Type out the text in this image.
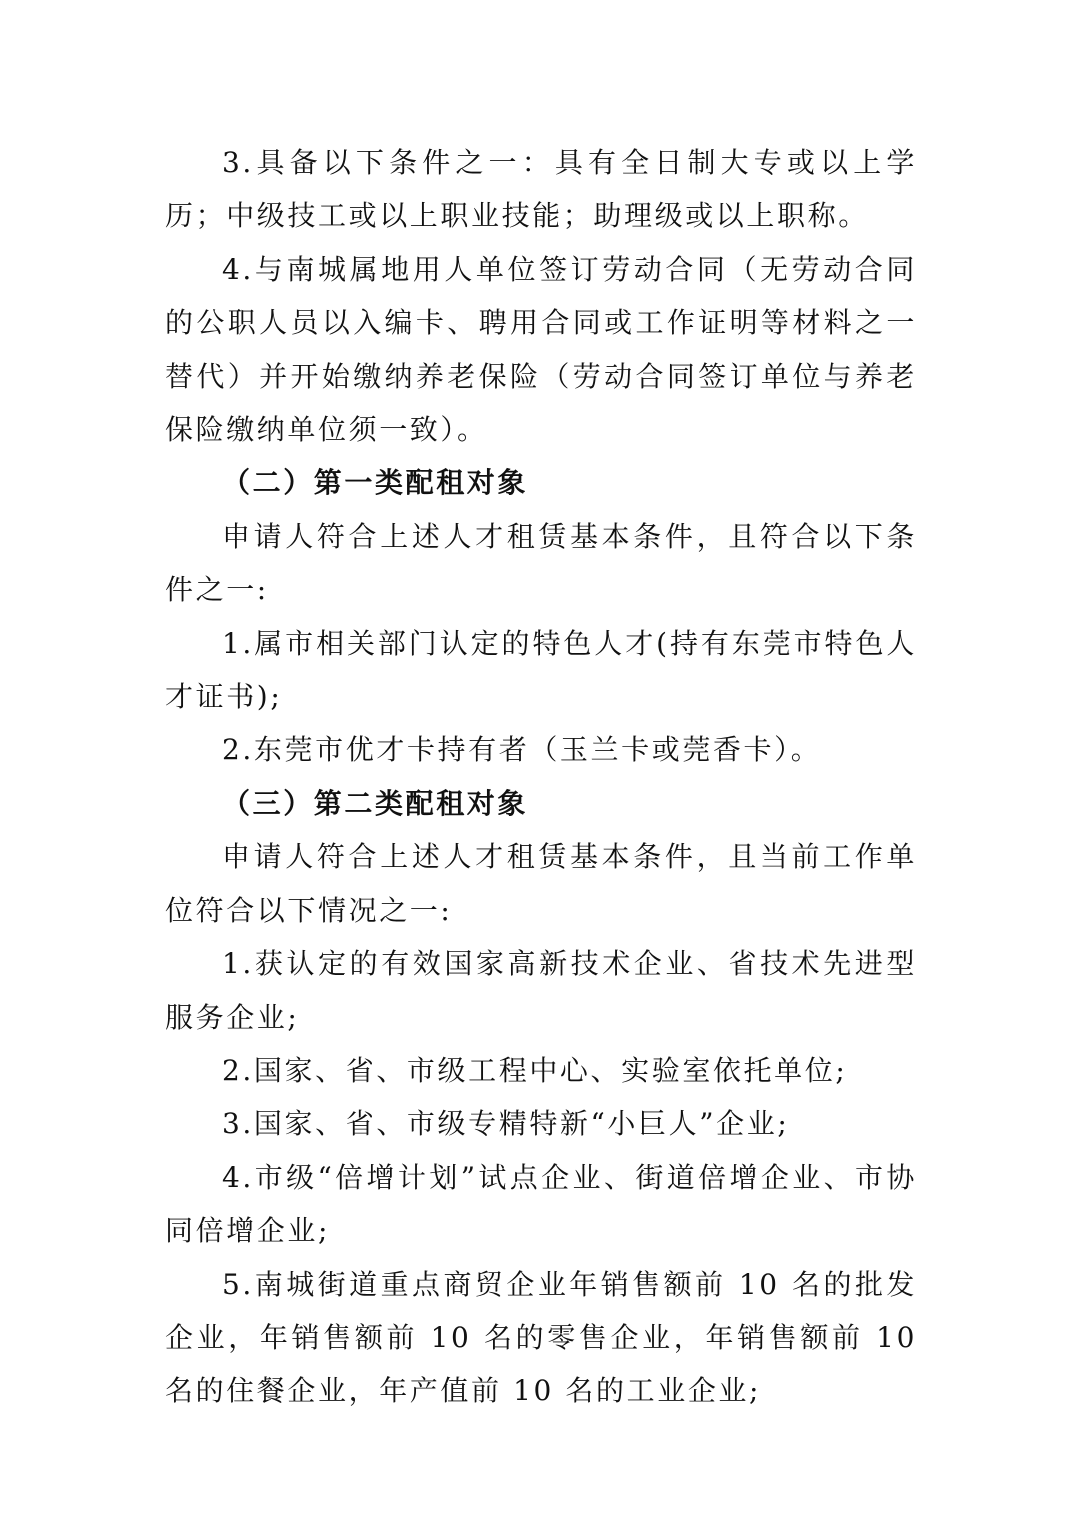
3.具备以下条件之一：具有全日制大专或以上学历；中级技工或以上职业技能；助理级或以上职称。

4.与南城属地用人单位签订劳动合同（无劳动合同的公职人员以入编卡、聘用合同或工作证明等材料之一替代）并开始缴纳养老保险（劳动合同签订单位与养老保险缴纳单位须一致）。

（二）第一类配租对象

申请人符合上述人才租赁基本条件，且符合以下条件之一:

1.属市相关部门认定的特色人才(持有东莞市特色人才证书);

2.东莞市优才卡持有者（玉兰卡或莞香卡）。

（三）第二类配租对象

申请人符合上述人才租赁基本条件，且当前工作单位符合以下情况之一:

1.获认定的有效国家高新技术企业、省技术先进型服务企业;

2.国家、省、市级工程中心、实验室依托单位;

3.国家、省、市级专精特新“小巨人”企业;

4.市级“倍增计划”试点企业、街道倍增企业、市协同倍增企业;

5.南城街道重点商贸企业年销售额前 10 名的批发企业，年销售额前 10 名的零售企业，年销售额前 10 名的住餐企业，年产值前 10 名的工业企业;
